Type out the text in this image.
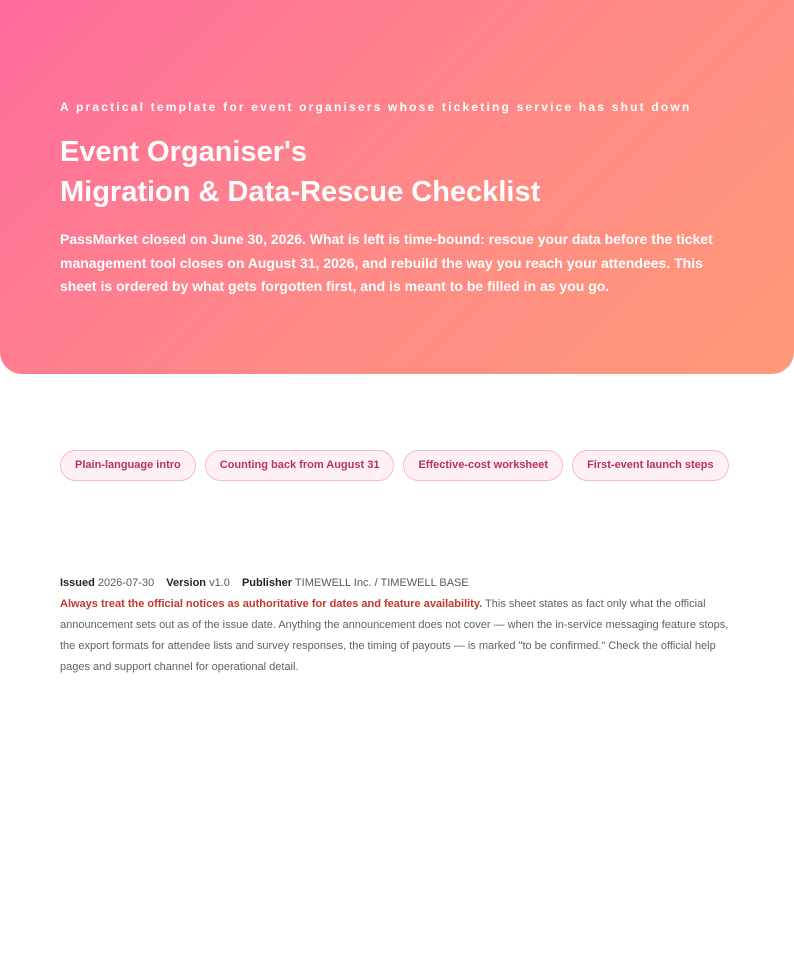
A practical template for event organisers whose ticketing service has shut down
Event Organiser's
Migration & Data-Rescue Checklist

PassMarket closed on June 30, 2026. What is left is time-bound: rescue your data before the ticket management tool closes on August 31, 2026, and rebuild the way you reach your attendees. This sheet is ordered by what gets forgotten first, and is meant to be filled in as you go.

Plain-language intro	Counting back from August 31	Effective-cost worksheet	First-event launch steps
Issued 2026-07-30 Version v1.0 Publisher TIMEWELL Inc. / TIMEWELL BASE

Always treat the official notices as authoritative for dates and feature availability. This sheet states as fact only what the official announcement sets out as of the issue date. Anything the announcement does not cover — when the in-service messaging feature stops, the export formats for attendee lists and survey responses, the timing of payouts — is marked "to be confirmed." Check the official help pages and support channel for operational detail.
